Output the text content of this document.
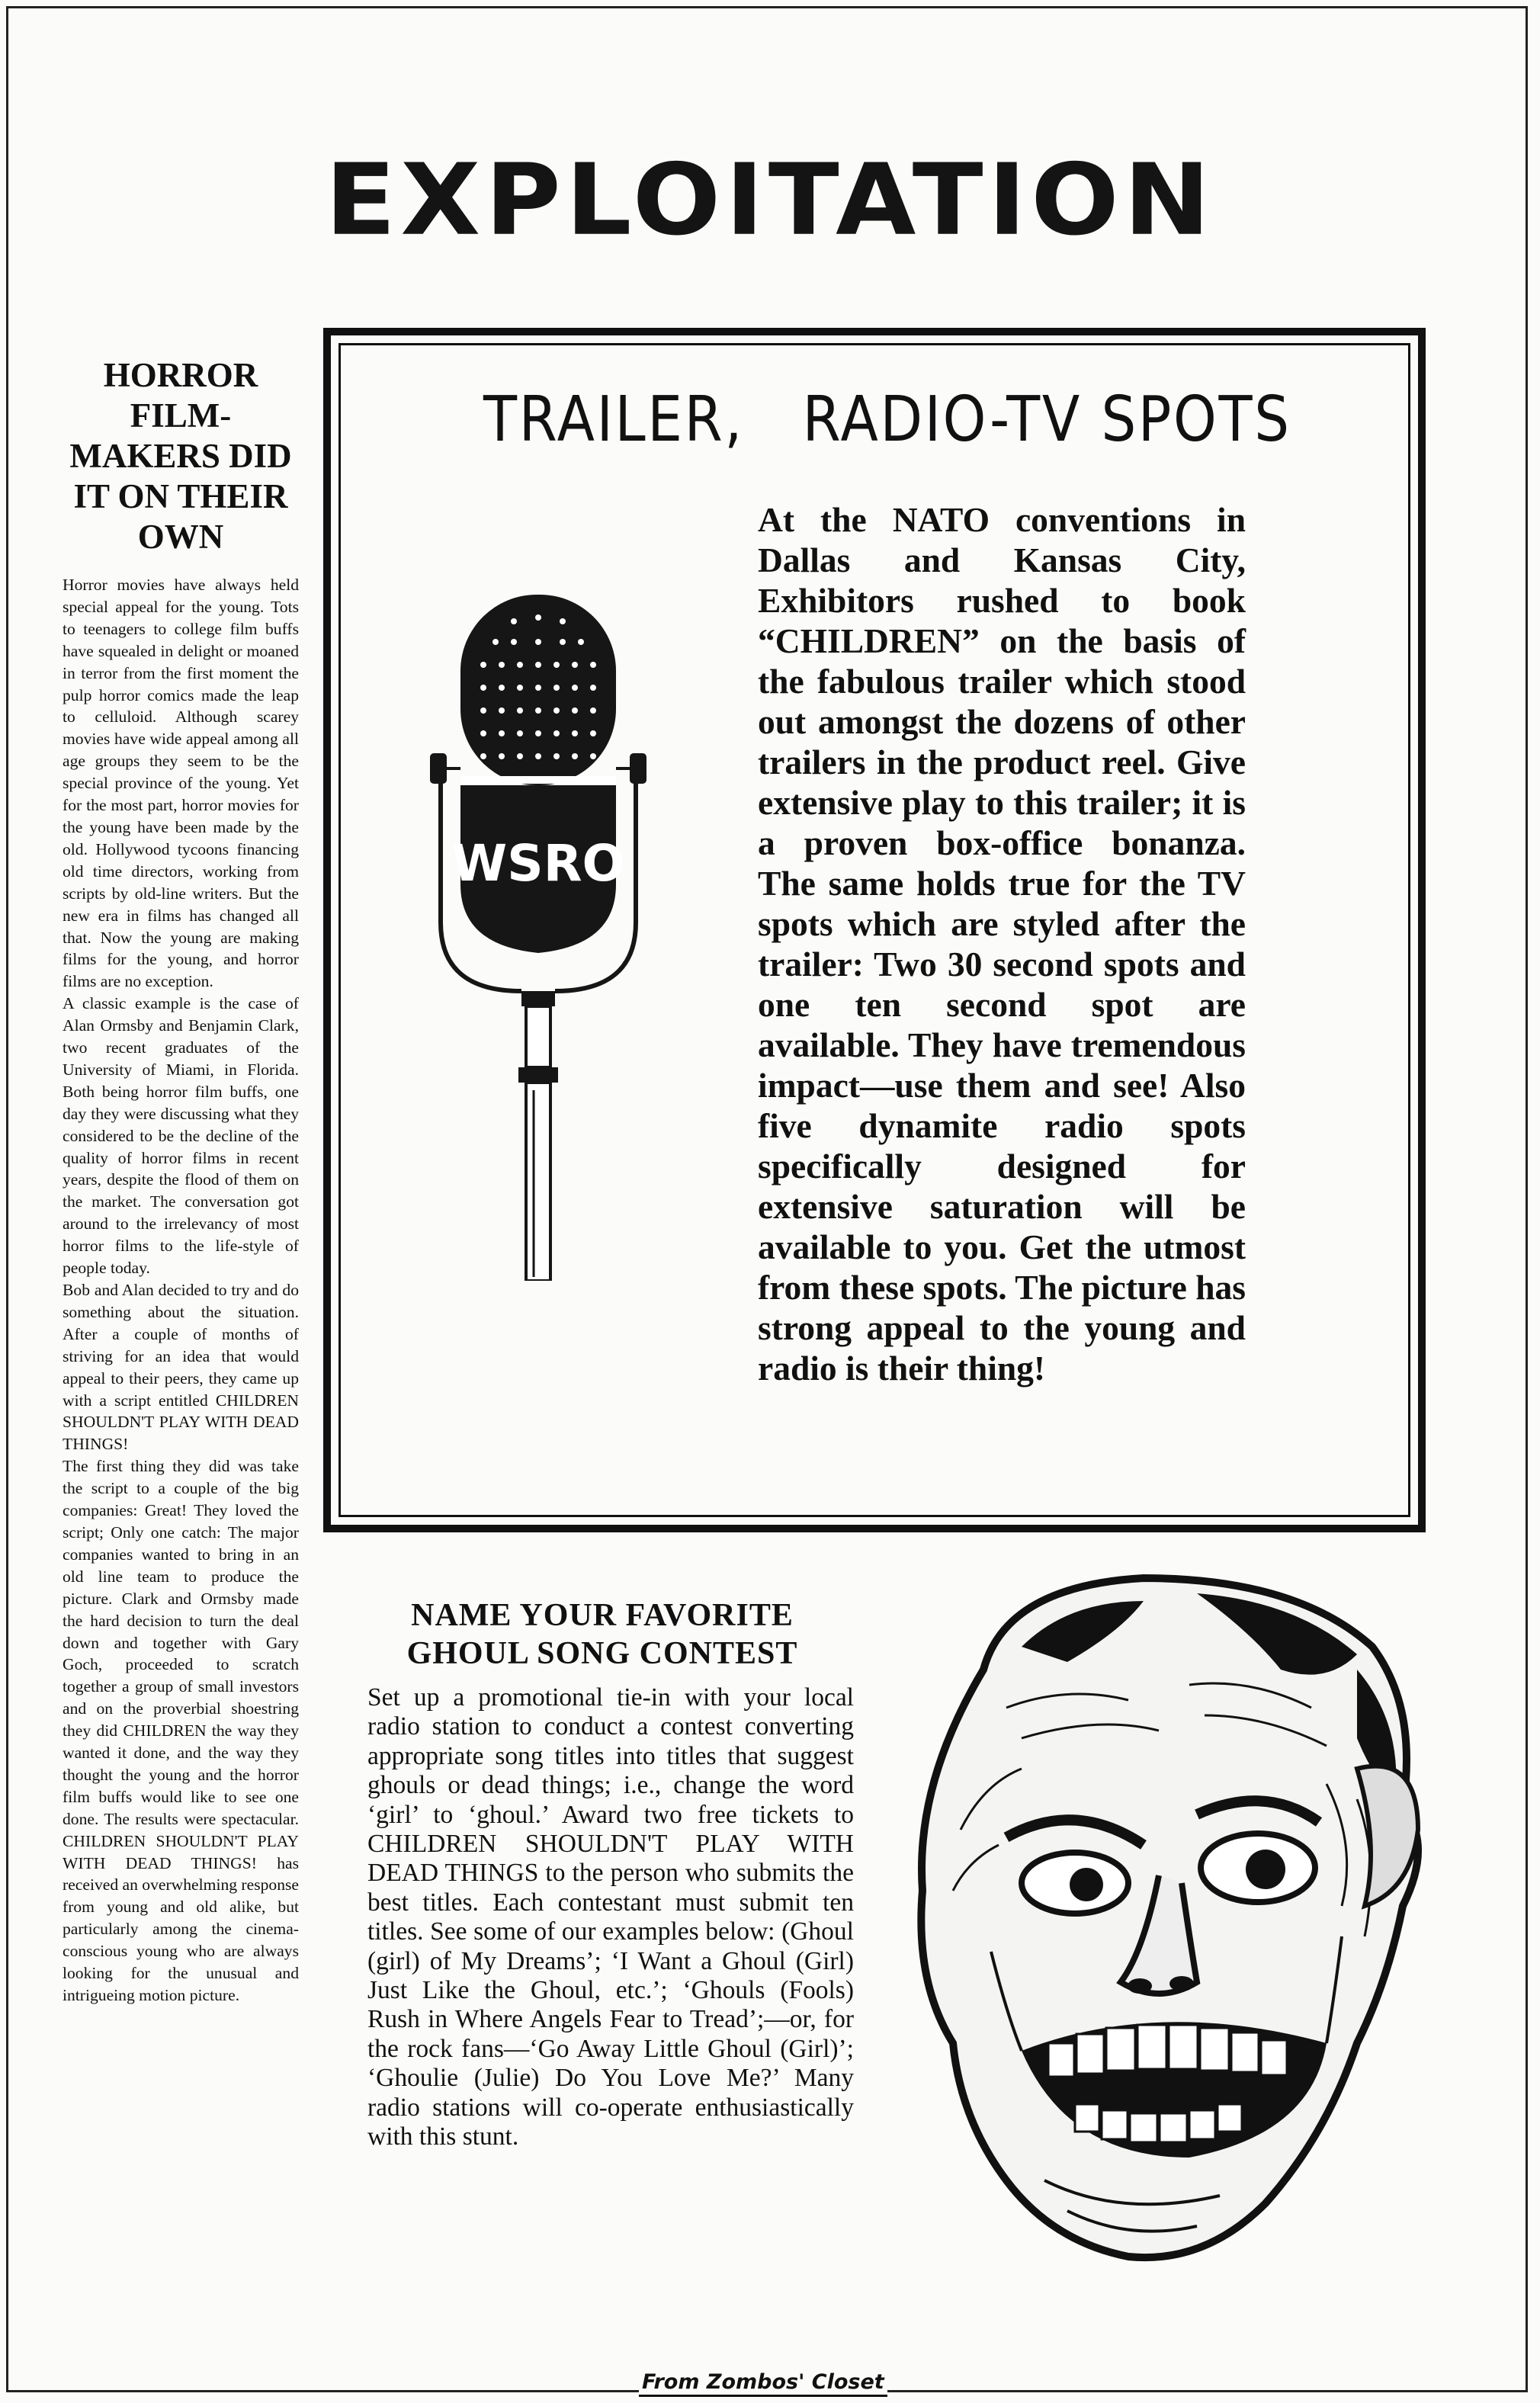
EXPLOITATION
HORROR FILM-MAKERS DID IT ON THEIR OWN

Horror movies have always held special appeal for the young. Tots to teenagers to college film buffs have squealed in delight or moaned in terror from the first moment the pulp horror comics made the leap to celluloid. Although scarey movies have wide appeal among all age groups they seem to be the special province of the young. Yet for the most part, horror movies for the young have been made by the old. Hollywood tycoons financing old time directors, working from scripts by old-line writers. But the new era in films has changed all that. Now the young are making films for the young, and horror films are no exception.

A classic example is the case of Alan Ormsby and Benjamin Clark, two recent graduates of the University of Miami, in Florida. Both being horror film buffs, one day they were discussing what they considered to be the decline of the quality of horror films in recent years, despite the flood of them on the market. The conversation got around to the irrelevancy of most horror films to the life-style of people today.

Bob and Alan decided to try and do something about the situation. After a couple of months of striving for an idea that would appeal to their peers, they came up with a script entitled CHILDREN SHOULDN'T PLAY WITH DEAD THINGS!

The first thing they did was take the script to a couple of the big companies: Great! They loved the script; Only one catch: The major companies wanted to bring in an old line team to produce the picture. Clark and Ormsby made the hard decision to turn the deal down and together with Gary Goch, proceeded to scratch together a group of small investors and on the proverbial shoestring they did CHILDREN the way they wanted it done, and the way they thought the young and the horror film buffs would like to see one done. The results were spectacular. CHILDREN SHOULDN'T PLAY WITH DEAD THINGS! has received an overwhelming response from young and old alike, but particularly among the cinema-conscious young who are always looking for the unusual and intrigueing motion picture.

TRAILER,   RADIO-TV SPOTS
WSRO
At the NATO conventions in Dallas and Kansas City, Exhibitors rushed to book “CHILDREN” on the basis of the fabulous trailer which stood out amongst the dozens of other trailers in the product reel. Give extensive play to this trailer; it is a proven box-office bonanza. The same holds true for the TV spots which are styled after the trailer: Two 30 second spots and one ten second spot are available. They have tremendous impact—use them and see! Also five dynamite radio spots specifically designed for extensive saturation will be available to you. Get the utmost from these spots. The picture has strong appeal to the young and radio is their thing!
NAME YOUR FAVORITE GHOUL SONG CONTEST
Set up a promotional tie-in with your local radio station to conduct a contest converting appropriate song titles into titles that suggest ghouls or dead things; i.e., change the word ‘girl’ to ‘ghoul.’ Award two free tickets to CHILDREN SHOULDN'T PLAY WITH DEAD THINGS to the person who submits the best titles. Each contestant must submit ten titles. See some of our examples below: (Ghoul (girl) of My Dreams’; ‘I Want a Ghoul (Girl) Just Like the Ghoul, etc.’; ‘Ghouls (Fools) Rush in Where Angels Fear to Tread’;—or, for the rock fans—‘Go Away Little Ghoul (Girl)’; ‘Ghoulie (Julie) Do You Love Me?’ Many radio stations will co-operate enthusiastically with this stunt.
From Zombos' Closet
